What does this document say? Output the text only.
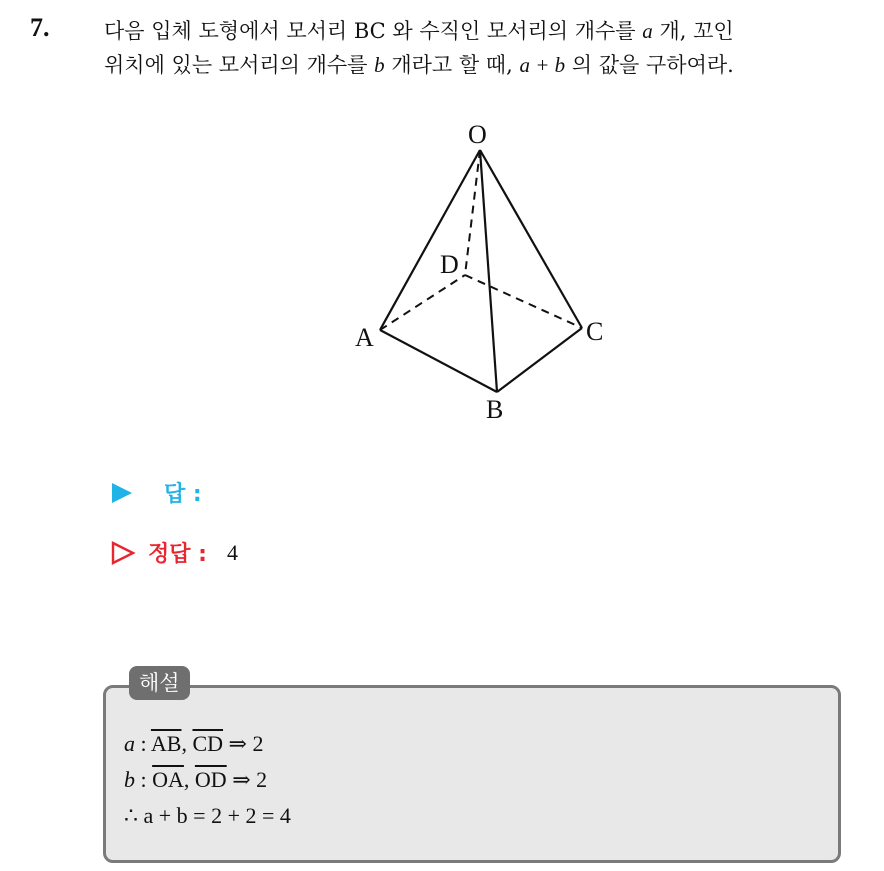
7.	다음 입체 도형에서 모서리 BC 와 수직인 모서리의 개수를 a 개, 꼬인
위치에 있는 모서리의 개수를 b 개라고 할 때, a + b 의 값을 구하여라.
O
D
A	C
B
답 :
정답 : 4
해설
a : $\overline{AB}$, $\overline{CD}$ ⇒ 2
b : $\overline{OA}$, $\overline{OD}$ ⇒ 2
∴ a + b = 2 + 2 = 4
